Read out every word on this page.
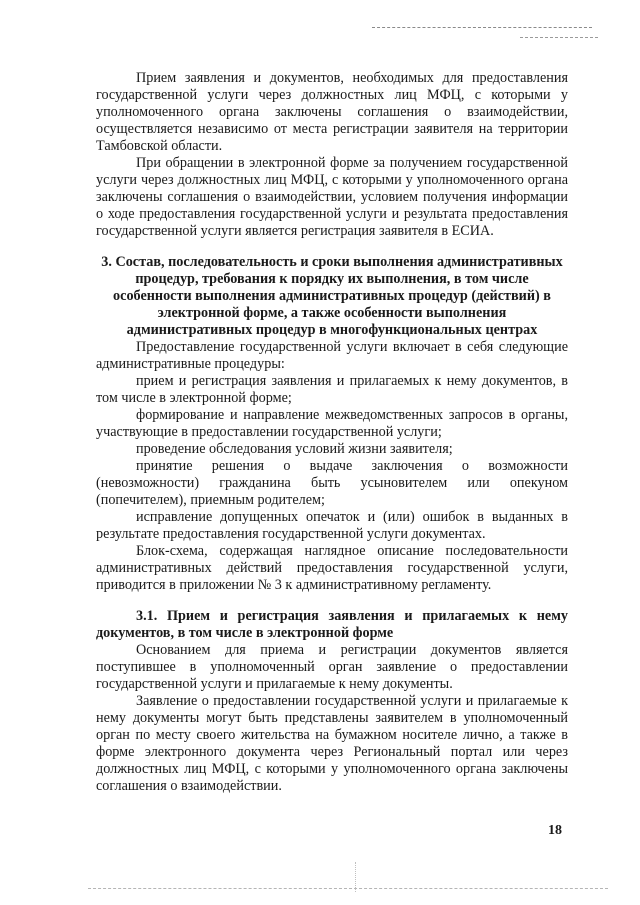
Прием заявления и документов, необходимых для предоставления государственной услуги через должностных лиц МФЦ, с которыми у уполномоченного органа заключены соглашения о взаимодействии, осуществляется независимо от места регистрации заявителя на территории Тамбовской области.

При обращении в электронной форме за получением государственной услуги через должностных лиц МФЦ, с которыми у уполномоченного органа заключены соглашения о взаимодействии, условием получения информации о ходе предоставления государственной услуги и результата предоставления государственной услуги является регистрация заявителя в ЕСИА.

3. Состав, последовательность и сроки выполнения административных процедур, требования к порядку их выполнения, в том числе особенности выполнения административных процедур (действий) в электронной форме, а также особенности выполнения административных процедур в многофункциональных центрах

Предоставление государственной услуги включает в себя следующие административные процедуры:

прием и регистрация заявления и прилагаемых к нему документов, в том числе в электронной форме;

формирование и направление межведомственных запросов в органы, участвующие в предоставлении государственной услуги;

проведение обследования условий жизни заявителя;

принятие решения о выдаче заключения о возможности (невозможности) гражданина быть усыновителем или опекуном (попечителем), приемным родителем;

исправление допущенных опечаток и (или) ошибок в выданных в результате предоставления государственной услуги документах.

Блок-схема, содержащая наглядное описание последовательности административных действий предоставления государственной услуги, приводится в приложении № 3 к административному регламенту.

3.1. Прием и регистрация заявления и прилагаемых к нему документов, в том числе в электронной форме

Основанием для приема и регистрации документов является поступившее в уполномоченный орган заявление о предоставлении государственной услуги и прилагаемые к нему документы.

Заявление о предоставлении государственной услуги и прилагаемые к нему документы могут быть представлены заявителем в уполномоченный орган по месту своего жительства на бумажном носителе лично, а также в форме электронного документа через Региональный портал или через должностных лиц МФЦ, с которыми у уполномоченного органа заключены соглашения о взаимодействии.

18
